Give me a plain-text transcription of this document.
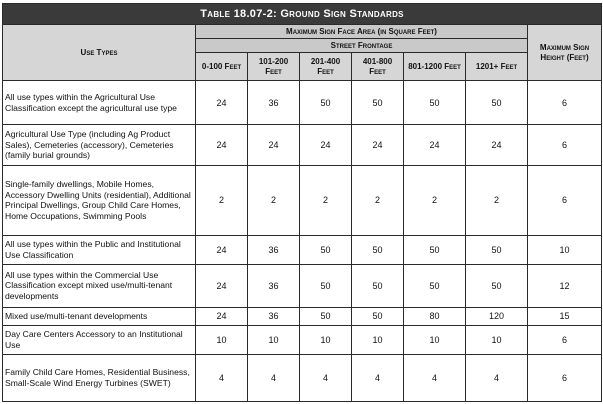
Table 18.07-2: Ground Sign Standards							
Use Types	Maximum Sign Face Area (in Square Feet)						Maximum Sign Height (Feet)
	Street Frontage						
	0-100 Feet	101-200 Feet	201-400 Feet	401-800 Feet	801-1200 Feet	1201+ Feet	
All use types within the Agricultural Use Classification except the agricultural use type	24	36	50	50	50	50	6
Agricultural Use Type (including Ag Product Sales), Cemeteries (accessory), Cemeteries (family burial grounds)	24	24	24	24	24	24	6
Single-family dwellings, Mobile Homes, Accessory Dwelling Units (residential), Additional Principal Dwellings, Group Child Care Homes, Home Occupations, Swimming Pools	2	2	2	2	2	2	6
All use types within the Public and Institutional Use Classification	24	36	50	50	50	50	10
All use types within the Commercial Use Classification except mixed use/multi-tenant developments	24	36	50	50	50	50	12
Mixed use/multi-tenant developments	24	36	50	50	80	120	15
Day Care Centers Accessory to an Institutional Use	10	10	10	10	10	10	6
Family Child Care Homes, Residential Business, Small-Scale Wind Energy Turbines (SWET)	4	4	4	4	4	4	6
